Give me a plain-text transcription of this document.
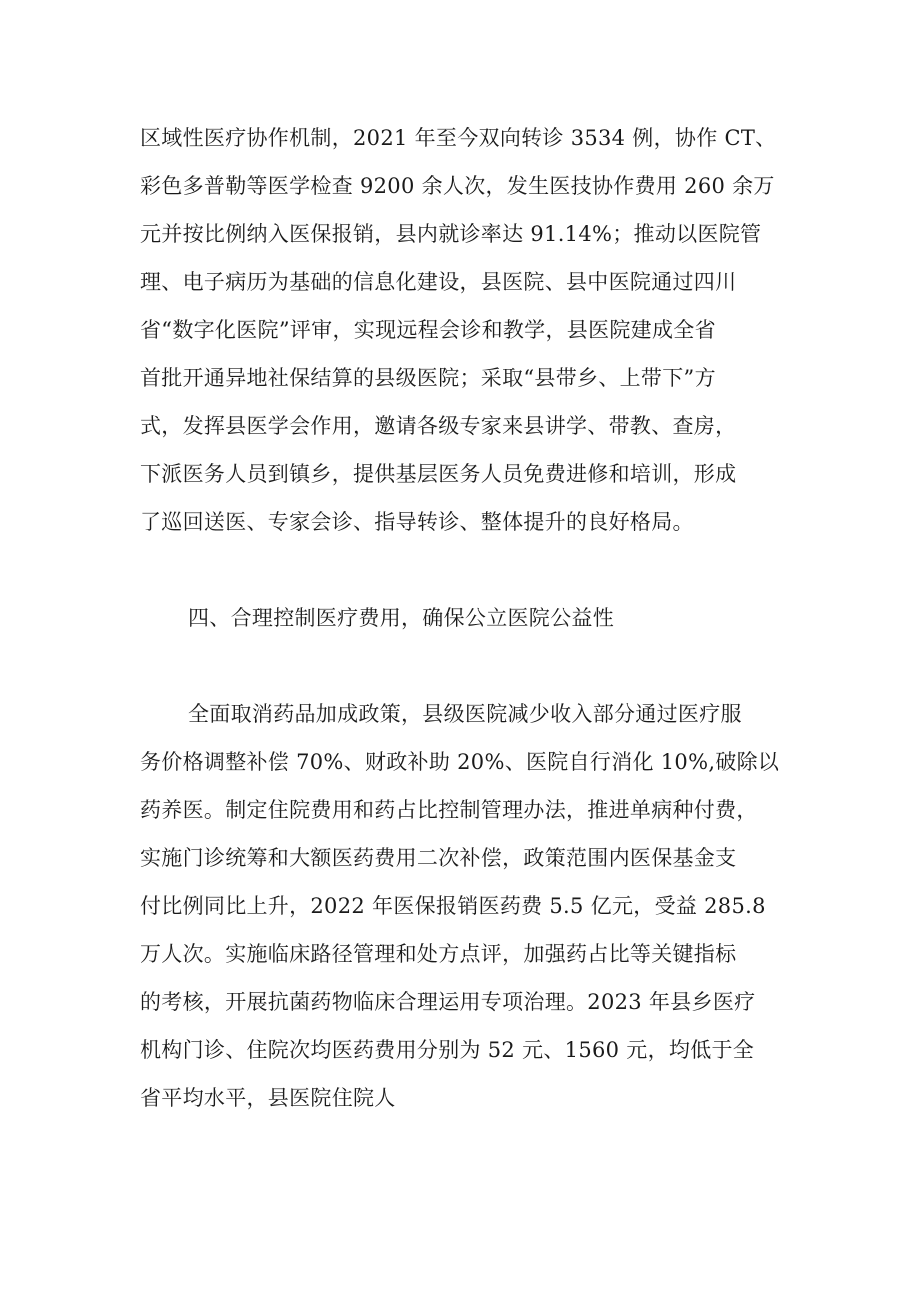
区域性医疗协作机制，2021 年至今双向转诊 3534 例，协作 CT、
彩色多普勒等医学检查 9200 余人次，发生医技协作费用 260 余万
元并按比例纳入医保报销，县内就诊率达 91.14%；推动以医院管
理、电子病历为基础的信息化建设，县医院、县中医院通过四川
省“数字化医院”评审，实现远程会诊和教学，县医院建成全省
首批开通异地社保结算的县级医院；采取“县带乡、上带下”方
式，发挥县医学会作用，邀请各级专家来县讲学、带教、查房，
下派医务人员到镇乡，提供基层医务人员免费进修和培训，形成
了巡回送医、专家会诊、指导转诊、整体提升的良好格局。
四、合理控制医疗费用，确保公立医院公益性
全面取消药品加成政策，县级医院减少收入部分通过医疗服
务价格调整补偿 70%、财政补助 20%、医院自行消化 10%,破除以
药养医。制定住院费用和药占比控制管理办法，推进单病种付费，
实施门诊统筹和大额医药费用二次补偿，政策范围内医保基金支
付比例同比上升，2022 年医保报销医药费 5.5 亿元，受益 285.8
万人次。实施临床路径管理和处方点评，加强药占比等关键指标
的考核，开展抗菌药物临床合理运用专项治理。2023 年县乡医疗
机构门诊、住院次均医药费用分别为 52 元、1560 元，均低于全
省平均水平，县医院住院人
